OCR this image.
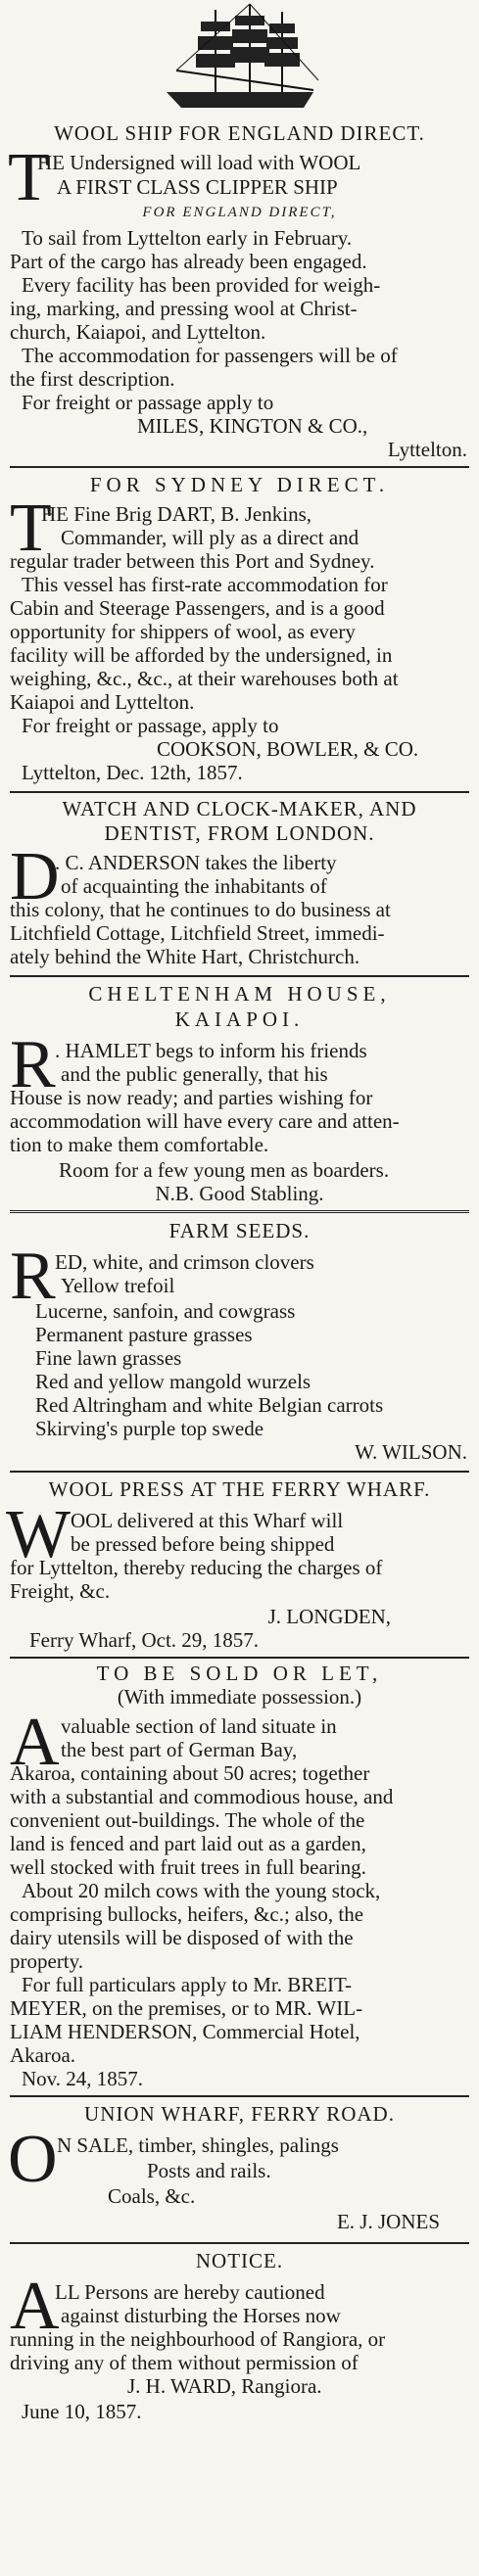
WOOL SHIP FOR ENGLAND DIRECT.
T
HE Undersigned will load with WOOL
A FIRST CLASS CLIPPER SHIP
FOR ENGLAND DIRECT,
To sail from Lyttelton early in February.
Part of the cargo has already been engaged.
Every facility has been provided for weigh-
ing, marking, and pressing wool at Christ-
church, Kaiapoi, and Lyttelton.
The accommodation for passengers will be of
the first description.
For freight or passage apply to
MILES, KINGTON & CO.,
Lyttelton.
FOR SYDNEY DIRECT.
T
HE Fine Brig DART, B. Jenkins,
Commander, will ply as a direct and
regular trader between this Port and Sydney.
This vessel has first-rate accommodation for
Cabin and Steerage Passengers, and is a good
opportunity for shippers of wool, as every
facility will be afforded by the undersigned, in
weighing, &c., &c., at their warehouses both at
Kaiapoi and Lyttelton.
For freight or passage, apply to
COOKSON, BOWLER, & CO.
Lyttelton, Dec. 12th, 1857.
WATCH AND CLOCK-MAKER, AND
DENTIST, FROM LONDON.
D
. C. ANDERSON takes the liberty
of acquainting the inhabitants of
this colony, that he continues to do business at
Litchfield Cottage, Litchfield Street, immedi-
ately behind the White Hart, Christchurch.
CHELTENHAM HOUSE,
KAIAPOI.
R . HAMLET begs to inform his friends
and the public generally, that his
House is now ready; and parties wishing for
accommodation will have every care and atten-
tion to make them comfortable.
Room for a few young men as boarders.
N.B. Good Stabling.
FARM SEEDS.
R ED, white, and crimson clovers
Yellow trefoil
Lucerne, sanfoin, and cowgrass
Permanent pasture grasses
Fine lawn grasses
Red and yellow mangold wurzels
Red Altringham and white Belgian carrots
Skirving's purple top swede
W. WILSON.
WOOL PRESS AT THE FERRY WHARF.
W OOL delivered at this Wharf will
be pressed before being shipped
for Lyttelton, thereby reducing the charges of
Freight, &c.
J. LONGDEN,
Ferry Wharf, Oct. 29, 1857.
TO BE SOLD OR LET,
(With immediate possession.)
A valuable section of land situate in
the best part of German Bay,
Akaroa, containing about 50 acres; together
with a substantial and commodious house, and
convenient out-buildings. The whole of the
land is fenced and part laid out as a garden,
well stocked with fruit trees in full bearing.
About 20 milch cows with the young stock,
comprising bullocks, heifers, &c.; also, the
dairy utensils will be disposed of with the
property.
For full particulars apply to Mr. BREIT-
MEYER, on the premises, or to MR. WIL-
LIAM HENDERSON, Commercial Hotel,
Akaroa.
Nov. 24, 1857.
UNION WHARF, FERRY ROAD.
O N SALE, timber, shingles, palings
Posts and rails.
Coals, &c.
E. J. JONES
NOTICE.
A
LL Persons are hereby cautioned
against disturbing the Horses now
running in the neighbourhood of Rangiora, or
driving any of them without permission of
J. H. WARD, Rangiora.
June 10, 1857.
